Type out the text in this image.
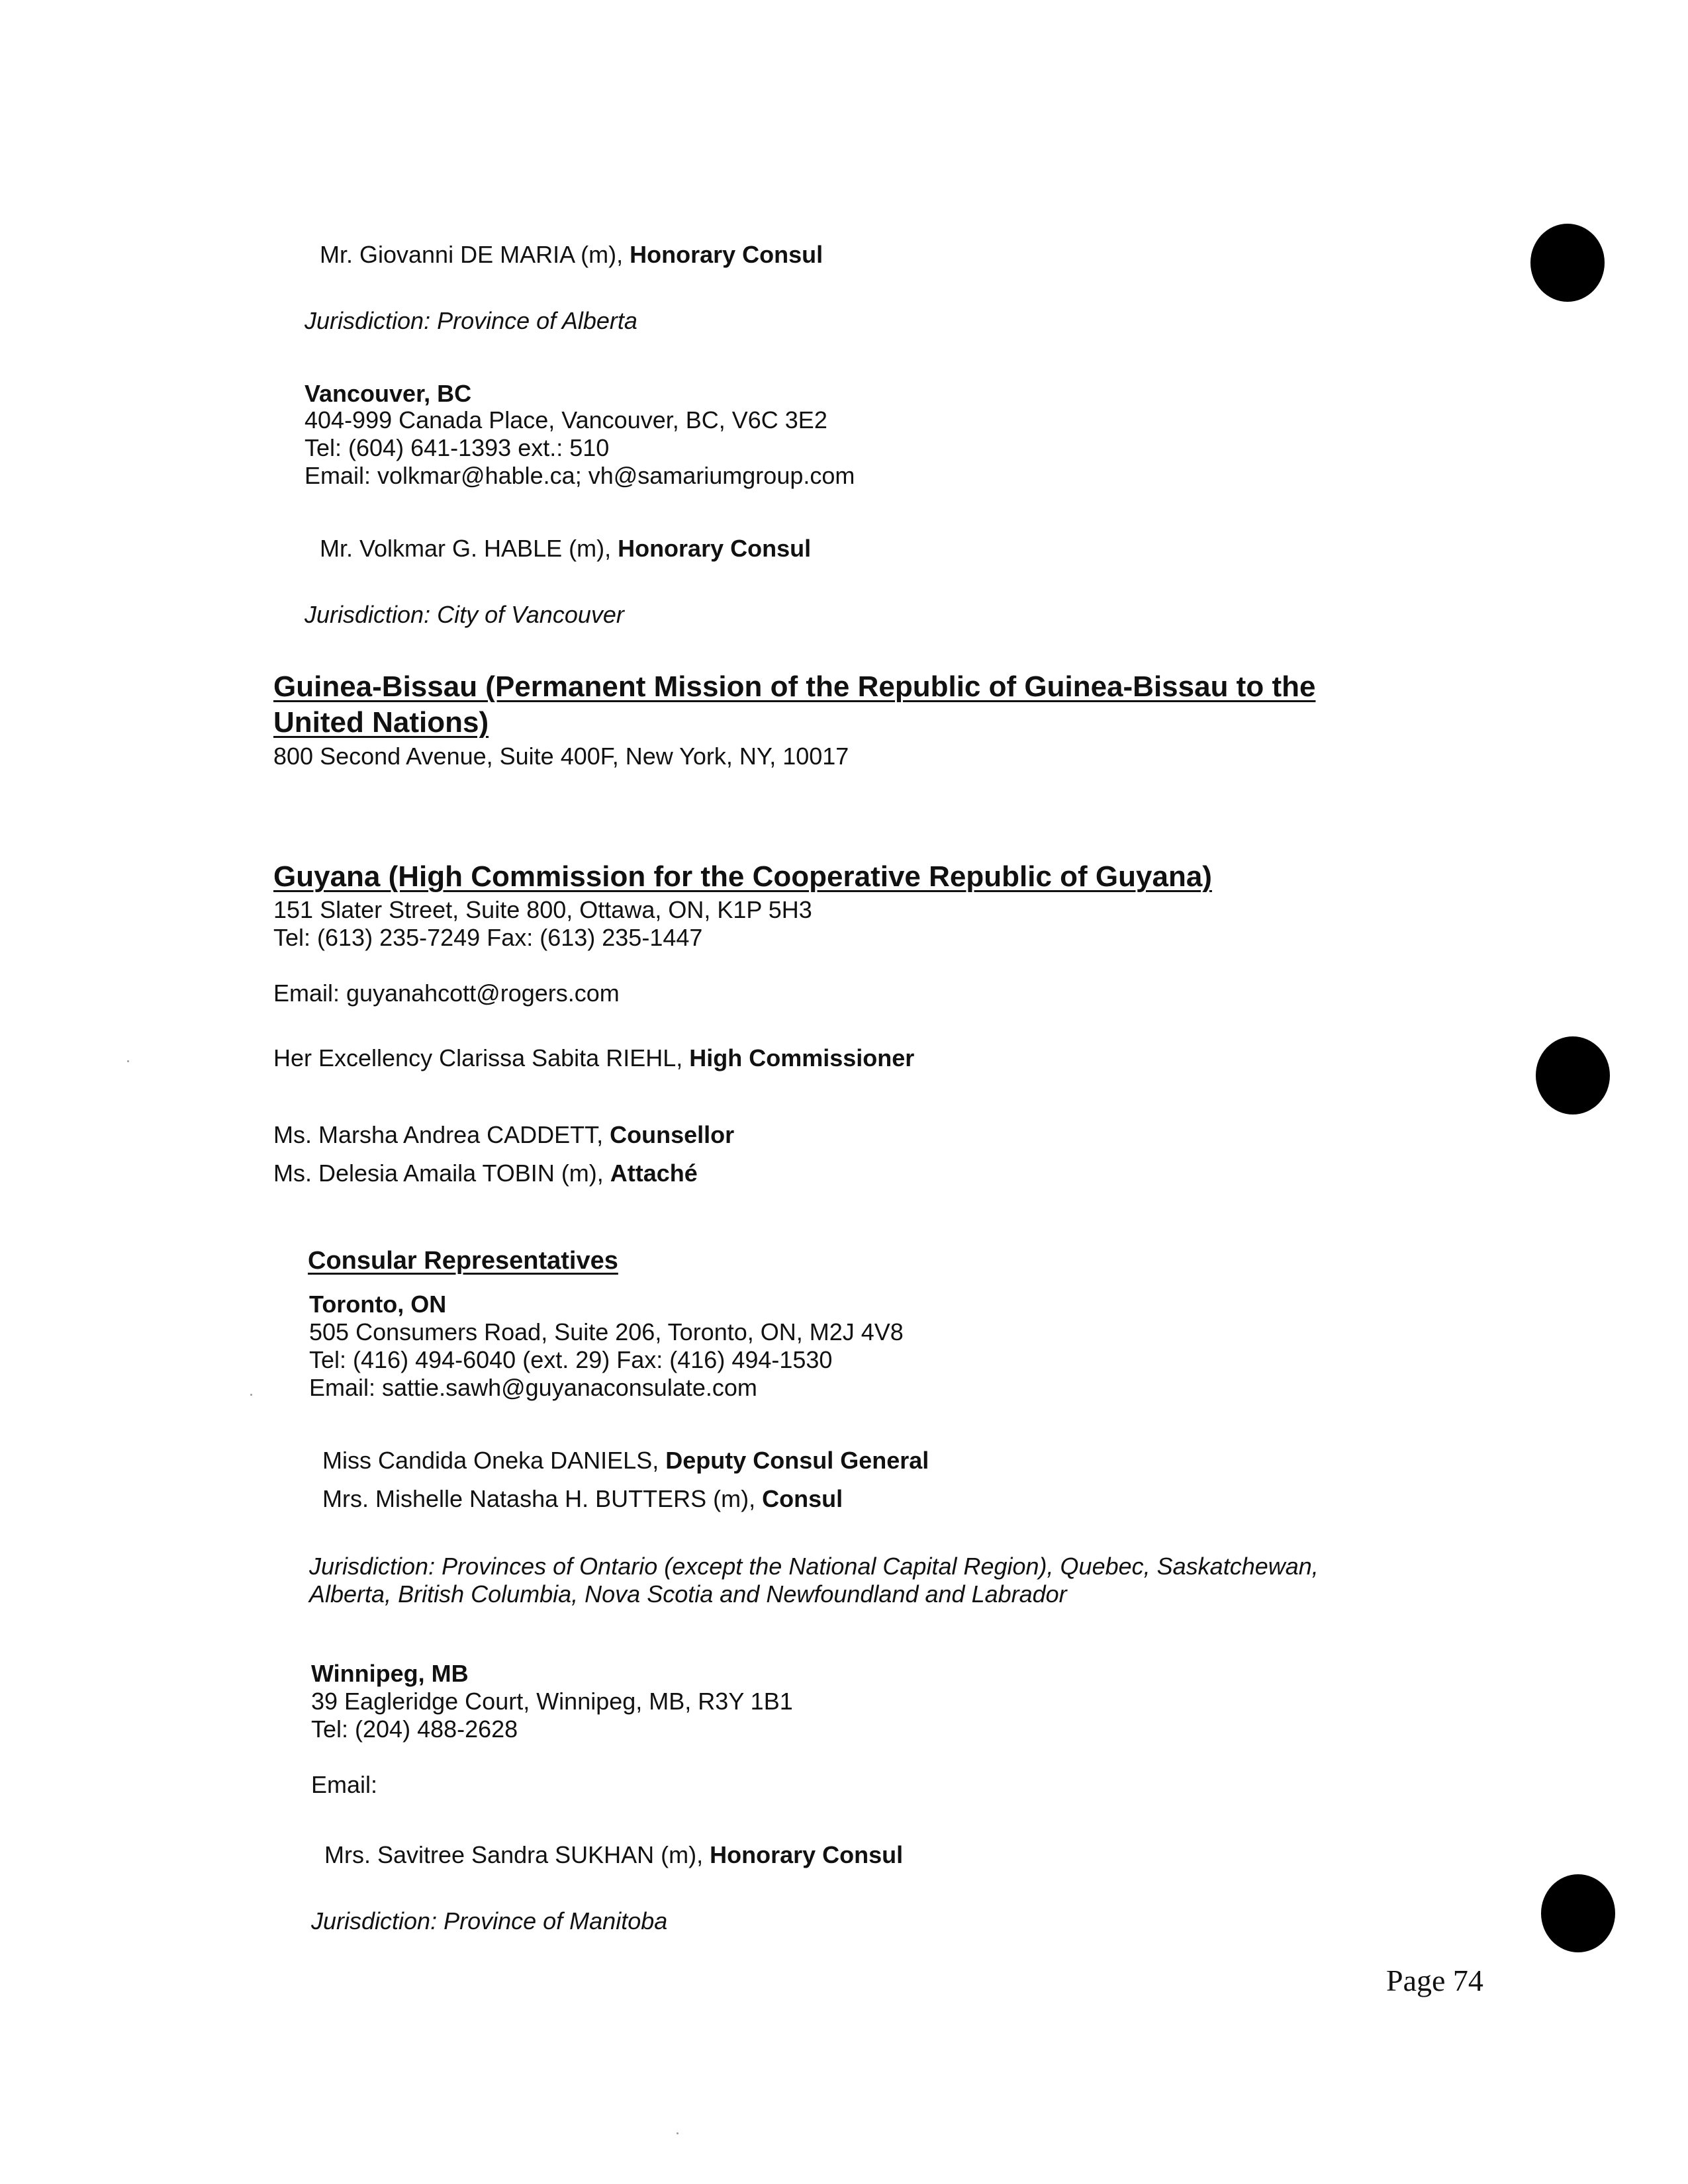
Mr. Giovanni DE MARIA (m), Honorary Consul
Jurisdiction: Province of Alberta
Vancouver, BC
404-999 Canada Place, Vancouver, BC, V6C 3E2
Tel: (604) 641-1393 ext.: 510
Email: volkmar@hable.ca; vh@samariumgroup.com
Mr. Volkmar G. HABLE (m), Honorary Consul
Jurisdiction: City of Vancouver
Guinea-Bissau (Permanent Mission of the Republic of Guinea-Bissau to the
United Nations)
800 Second Avenue, Suite 400F, New York, NY, 10017
Guyana (High Commission for the Cooperative Republic of Guyana)
151 Slater Street, Suite 800, Ottawa, ON, K1P 5H3
Tel: (613) 235-7249 Fax: (613) 235-1447
Email: guyanahcott@rogers.com
Her Excellency Clarissa Sabita RIEHL, High Commissioner
Ms. Marsha Andrea CADDETT, Counsellor
Ms. Delesia Amaila TOBIN (m), Attaché
Consular Representatives
Toronto, ON
505 Consumers Road, Suite 206, Toronto, ON, M2J 4V8
Tel: (416) 494-6040 (ext. 29) Fax: (416) 494-1530
Email: sattie.sawh@guyanaconsulate.com
Miss Candida Oneka DANIELS, Deputy Consul General
Mrs. Mishelle Natasha H. BUTTERS (m), Consul
Jurisdiction: Provinces of Ontario (except the National Capital Region), Quebec, Saskatchewan,
Alberta, British Columbia, Nova Scotia and Newfoundland and Labrador
Winnipeg, MB
39 Eagleridge Court, Winnipeg, MB, R3Y 1B1
Tel: (204) 488-2628
Email:
Mrs. Savitree Sandra SUKHAN (m), Honorary Consul
Jurisdiction: Province of Manitoba
Page 74
